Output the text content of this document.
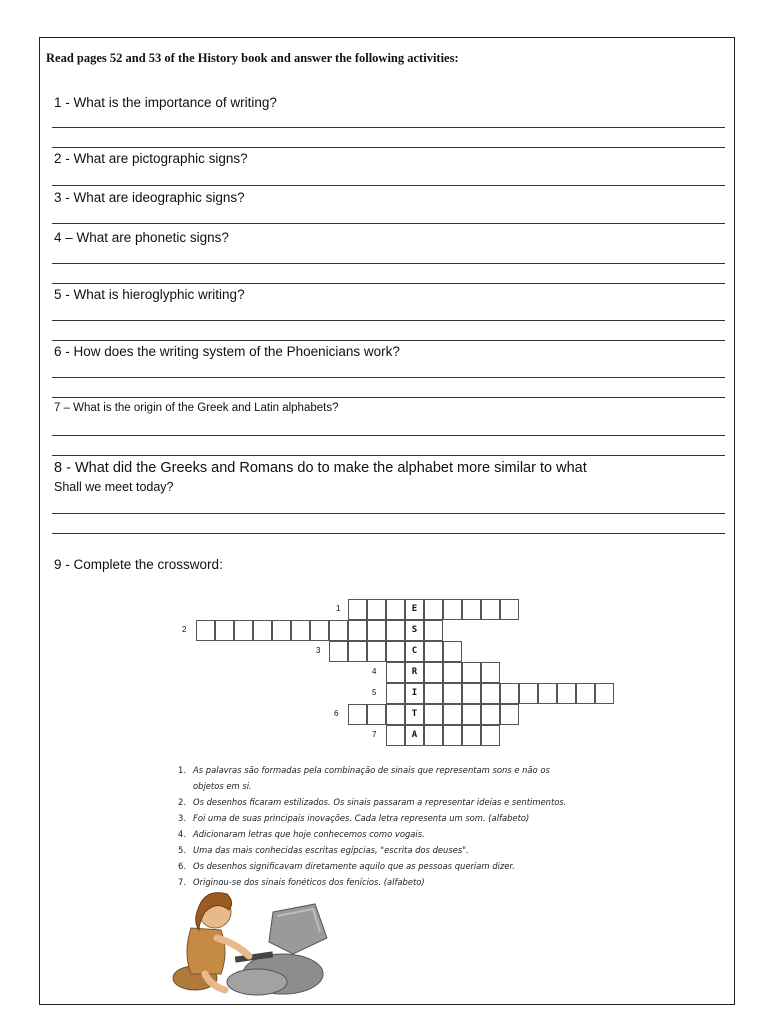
Read pages 52 and 53 of the History book and answer the following activities:
1 - What is the importance of writing?
2 - What are pictographic signs?
3 - What are ideographic signs?
4 – What are phonetic signs?
5 - What is hieroglyphic writing?
6 - How does the writing system of the Phoenicians work?
7 – What is the origin of the Greek and Latin alphabets?
8 - What did the Greeks and Romans do to make the alphabet more similar to what
Shall we meet today?
9 - Complete the crossword:
E
1
S
2
C
3
R
4
I
5
T
6
A
7
1. As palavras são formadas pela combinação de sinais que representam sons e não os
objetos em si.
2. Os desenhos ficaram estilizados. Os sinais passaram a representar ideias e sentimentos.
3. Foi uma de suas principais inovações. Cada letra representa um som. (alfabeto)
4. Adicionaram letras que hoje conhecemos como vogais.
5. Uma das mais conhecidas escritas egípcias, "escrita dos deuses".
6. Os desenhos significavam diretamente aquilo que as pessoas queriam dizer.
7. Originou-se dos sinais fonéticos dos fenícios. (alfabeto)
